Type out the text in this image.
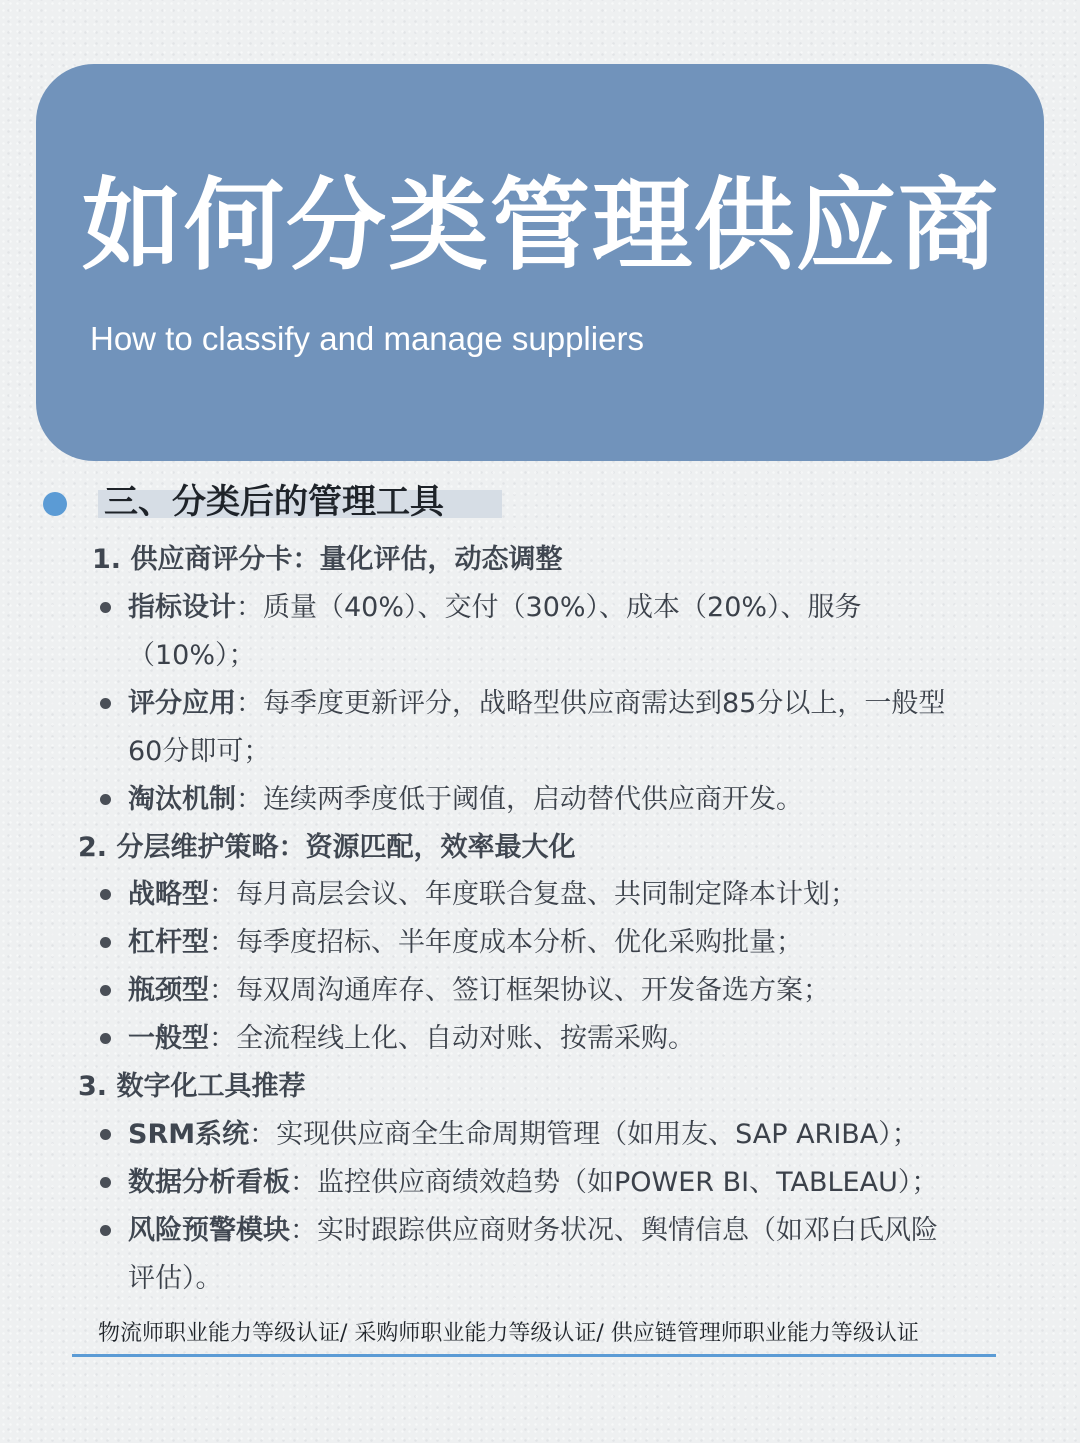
如何分类管理供应商

How to classify and manage suppliers

三、分类后的管理工具

1. 供应商评分卡：量化评估，动态调整

指标设计：质量（40%）、交付（30%）、成本（20%）、服务

（10%）；

评分应用：每季度更新评分，战略型供应商需达到85分以上，一般型

60分即可；

淘汰机制：连续两季度低于阈值，启动替代供应商开发。

2. 分层维护策略：资源匹配，效率最大化

战略型：每月高层会议、年度联合复盘、共同制定降本计划；

杠杆型：每季度招标、半年度成本分析、优化采购批量；

瓶颈型：每双周沟通库存、签订框架协议、开发备选方案；

一般型：全流程线上化、自动对账、按需采购。

3. 数字化工具推荐

SRM系统：实现供应商全生命周期管理（如用友、SAP ARIBA）；

数据分析看板：监控供应商绩效趋势（如POWER BI、TABLEAU）；

风险预警模块：实时跟踪供应商财务状况、舆情信息（如邓白氏风险

评估）。

物流师职业能力等级认证/ 采购师职业能力等级认证/ 供应链管理师职业能力等级认证
